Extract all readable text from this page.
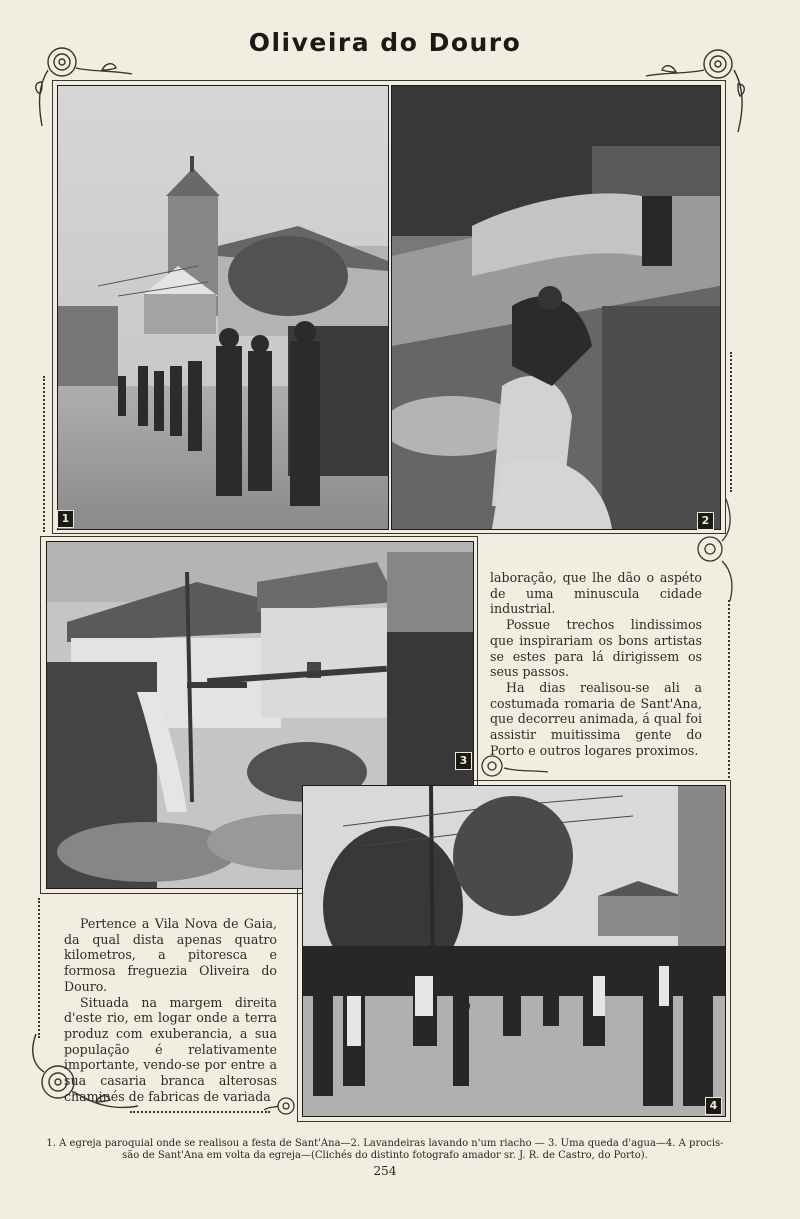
Oliveira do Douro
1	2
3
4

laboração, que lhe dão o aspéto de uma minuscula cidade industrial.

Possue trechos lindissimos que inspirariam os bons artistas se estes para lá dirigissem os seus passos.

Ha dias realisou-se ali a costumada romaria de Sant'Ana, que decorreu animada, á qual foi assistir muitissima gente do Porto e outros logares proximos.

Pertence a Vila Nova de Gaia, da qual dista apenas quatro kilometros, a pitoresca e formosa freguezia Oliveira do Douro.

Situada na margem direita d'este rio, em logar onde a terra produz com exuberancia, a sua população é relativamente importante, vendo-se por entre a sua casaria branca alterosas chaminés de fabricas de variada

1. A egreja paroquial onde se realisou a festa de Sant'Ana—2. Lavandeiras lavando n'um riacho — 3. Uma queda d'agua—4. A procis-
são de Sant'Ana em volta da egreja—(Clichés do distinto fotografo amador sr. J. R. de Castro, do Porto).
254
